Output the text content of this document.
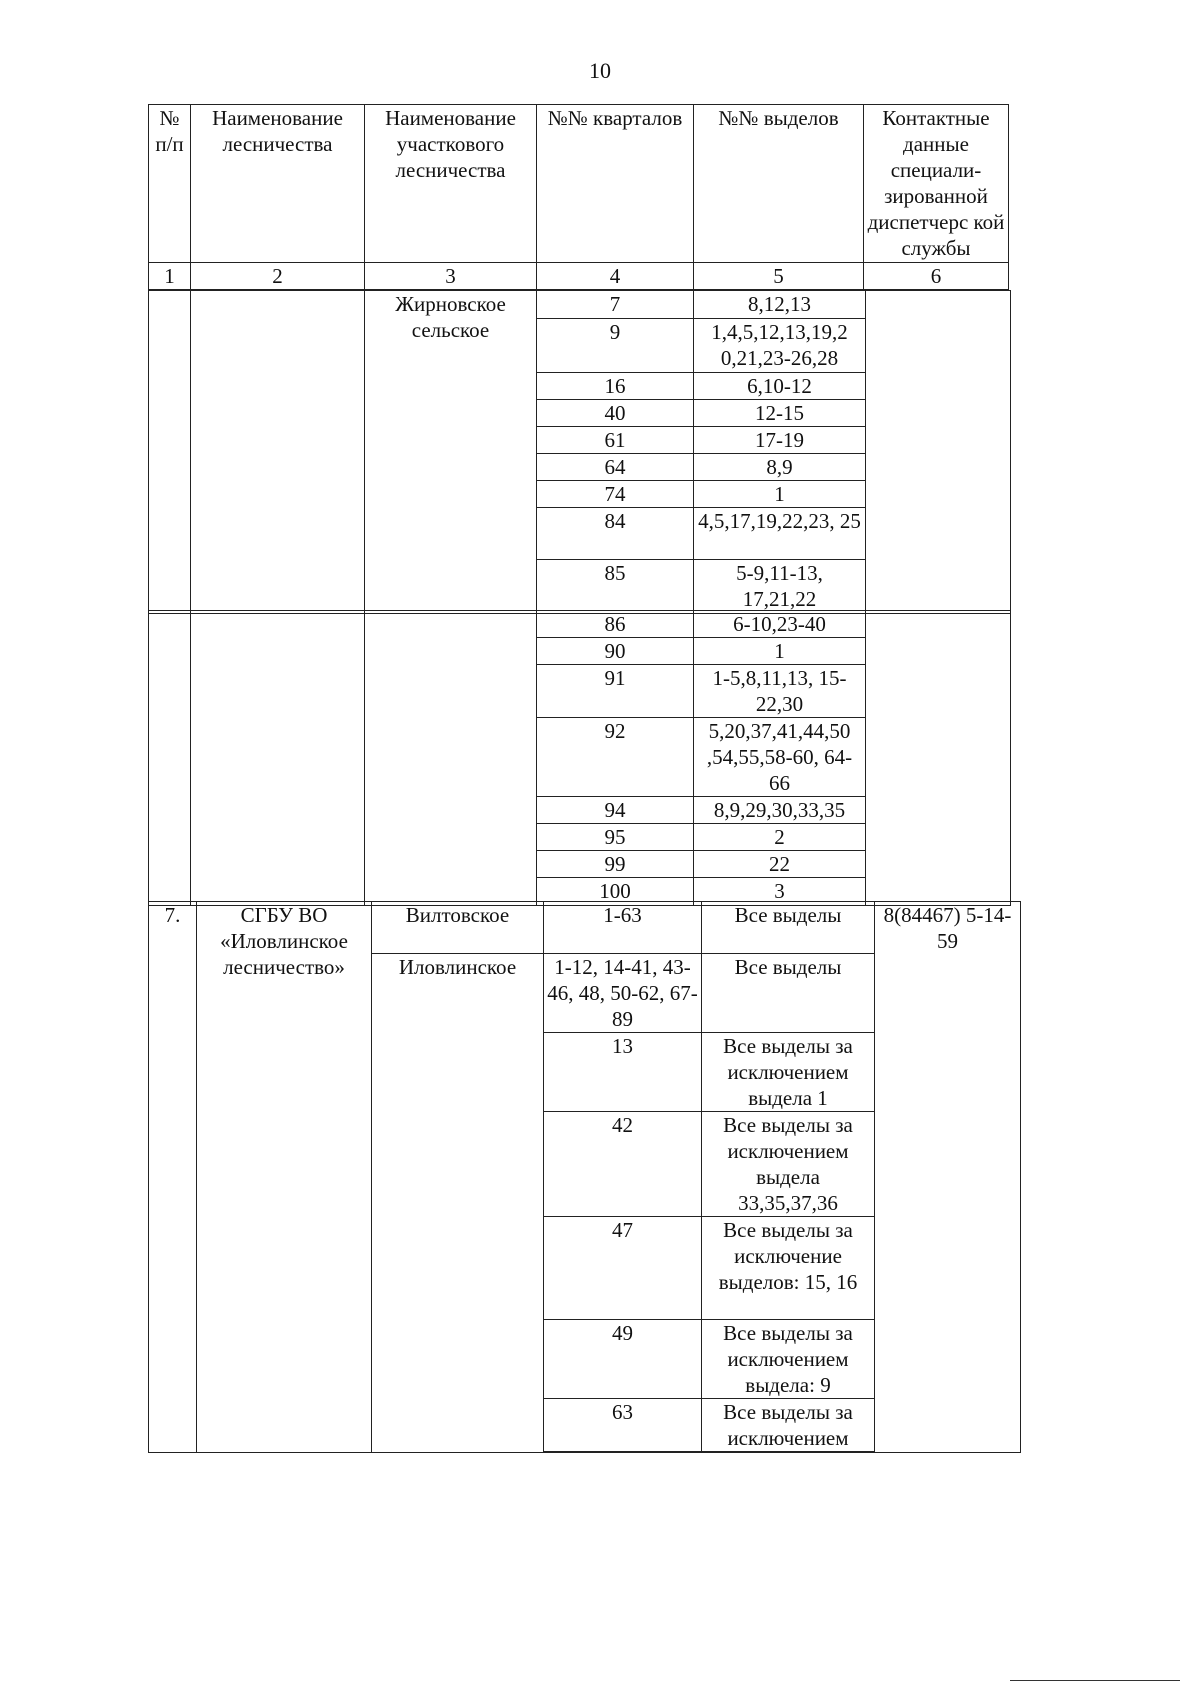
10
№ п/п	Наименование лесничества	Наименование участкового лесничества	№№ кварталов	№№ выделов	Контактные данные специали-зированной диспетчерс кой службы
1	2	3	4	5	6
		Жирновское сельское	7	8,12,13	
			9	1,4,5,12,13,19,2 0,21,23-26,28	
			16	6,10-12	
			40	12-15	
			61	17-19	
			64	8,9	
			74	1	
			84	4,5,17,19,22,23, 25	
			85	5-9,11-13, 17,21,22	
			86	6-10,23-40	
			90	1	
			91	1-5,8,11,13, 15-22,30	
			92	5,20,37,41,44,50 ,54,55,58-60, 64-66	
			94	8,9,29,30,33,35	
			95	2	
			99	22	
			100	3	
7.	СГБУ ВО «Иловлинское лесничество»	Вилтовское	1-63	Все выделы	8(84467) 5-14-59
		Иловлинское	1-12, 14-41, 43-46, 48, 50-62, 67-89	Все выделы	
			13	Все выделы за исключением выдела 1	
			42	Все выделы за исключением выдела 33,35,37,36	
			47	Все выделы за исключение выделов: 15, 16	
			49	Все выделы за исключением выдела: 9	
			63	Все выделы за исключением	
